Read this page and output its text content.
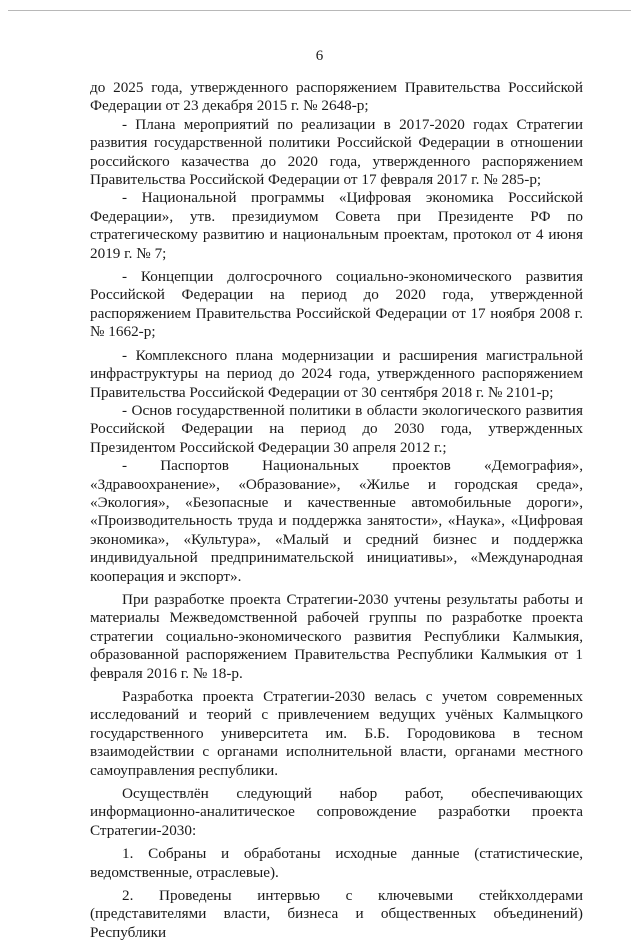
6

до 2025 года, утвержденного распоряжением Правительства Российской Федерации от 23 декабря 2015 г. № 2648-р;

- Плана мероприятий по реализации в 2017-2020 годах Стратегии развития государственной политики Российской Федерации в отношении российского казачества до 2020 года, утвержденного распоряжением Правительства Российской Федерации от 17 февраля 2017 г. № 285-р;

- Национальной программы «Цифровая экономика Российской Федерации», утв. президиумом Совета при Президенте РФ по стратегическому развитию и национальным проектам, протокол от 4 июня 2019 г. № 7;

- Концепции долгосрочного социально-экономического развития Российской Федерации на период до 2020 года, утвержденной распоряжением Правительства Российской Федерации от 17 ноября 2008 г. № 1662-р;

- Комплексного плана модернизации и расширения магистральной инфраструктуры на период до 2024 года, утвержденного распоряжением Правительства Российской Федерации от 30 сентября 2018 г. № 2101-р;

- Основ государственной политики в области экологического развития Российской Федерации на период до 2030 года, утвержденных Президентом Российской Федерации 30 апреля 2012 г.;

- Паспортов Национальных проектов «Демография», «Здравоохранение», «Образование», «Жилье и городская среда», «Экология», «Безопасные и качественные автомобильные дороги», «Производительность труда и поддержка занятости», «Наука», «Цифровая экономика», «Культура», «Малый и средний бизнес и поддержка индивидуальной предпринимательской инициативы», «Международная кооперация и экспорт».

При разработке проекта Стратегии-2030 учтены результаты работы и материалы Межведомственной рабочей группы по разработке проекта стратегии социально-экономического развития Республики Калмыкия, образованной распоряжением Правительства Республики Калмыкия от 1 февраля 2016 г. № 18-р.

Разработка проекта Стратегии-2030 велась с учетом современных исследований и теорий с привлечением ведущих учёных Калмыцкого государственного университета им. Б.Б. Городовикова в тесном взаимодействии с органами исполнительной власти, органами местного самоуправления республики.

Осуществлён следующий набор работ, обеспечивающих информационно-аналитическое сопровождение разработки проекта Стратегии-2030:

1. Собраны и обработаны исходные данные (статистические, ведомственные, отраслевые).

2. Проведены интервью с ключевыми стейкхолдерами (представителями власти, бизнеса и общественных объединений) Республики
